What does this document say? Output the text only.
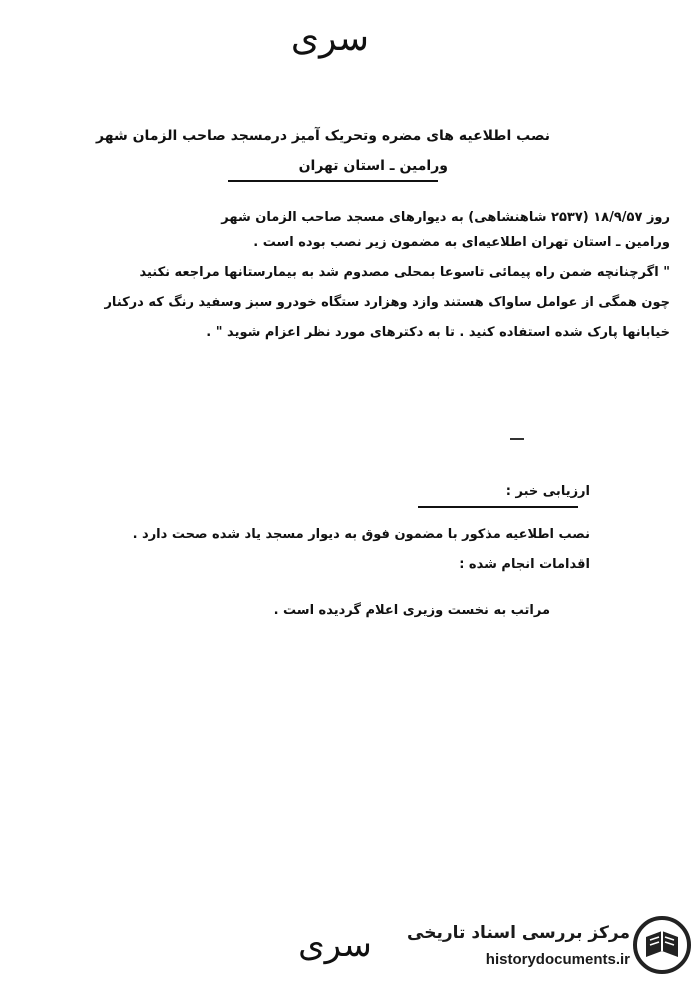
سری
نصب اطلاعیه های مضره وتحریک آمیز درمسجد صاحب الزمان شهر
ورامین ـ استان تهران
روز ۱۸/۹/۵۷ (۲۵۳۷ شاهنشاهی) به دیوارهای مسجد صاحب الزمان شهر
ورامین ـ استان تهران اطلاعیه‌ای به مضمون زیر نصب بوده است .
" اگرچنانچه ضمن راه پیمائی تاسوعا بمحلی مصدوم شد به بیمارستانها مراجعه نکنید
چون همگی از عوامل ساواک هستند وازد وهزارد ستگاه خودرو سبز وسفید رنگ که درکنار
خیابانها پارک شده استفاده کنید . تا به دکترهای مورد نظر اعزام شوید " .
ارزیابی خبر :
نصب اطلاعیه مذکور با مضمون فوق به دیوار مسجد یاد شده صحت دارد .
اقدامات انجام شده :
مراتب به نخست وزیری اعلام گردیده است .
سری	مرکز بررسی اسناد تاریخی
historydocuments.ir
